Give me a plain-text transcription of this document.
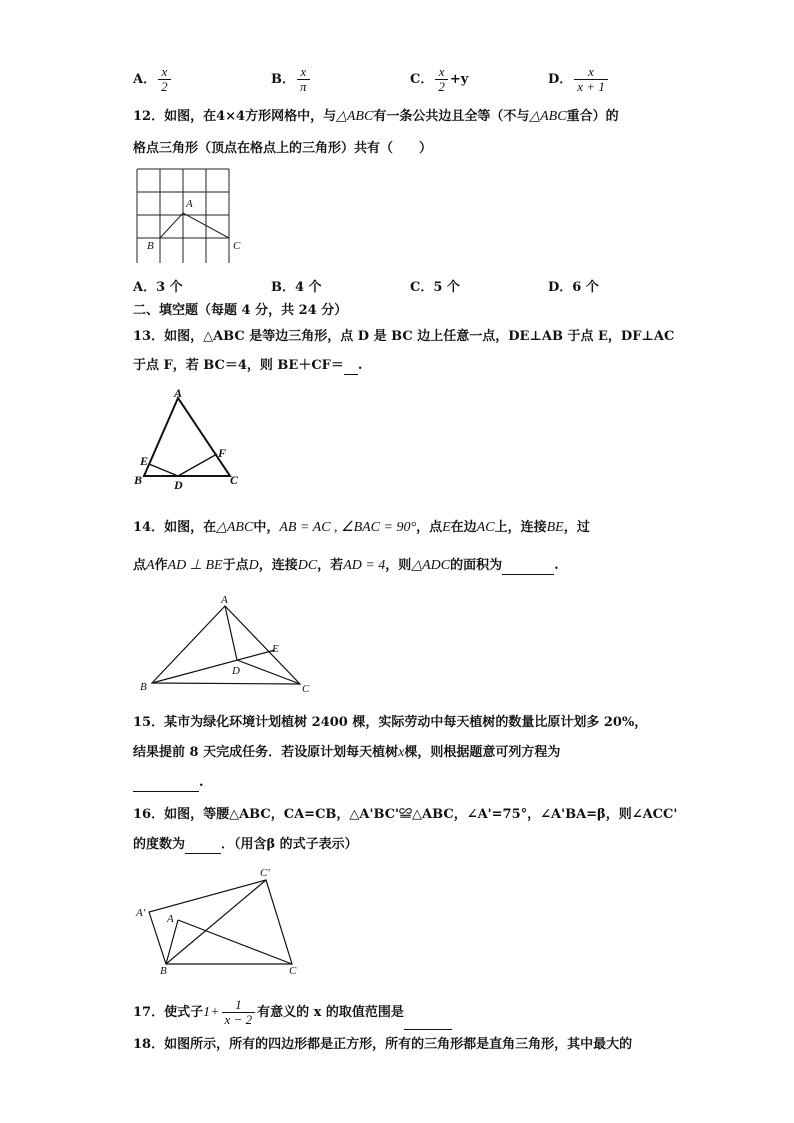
A． $\frac{x}{2}$	B． $\frac{x}{\pi}$	C． $\frac{x}{2} +y$	D． $\frac{x}{x + 1}$
12．如图，在4×4方形网格中，与△ABC有一条公共边且全等（不与△ABC重合）的
格点三角形（顶点在格点上的三角形）共有（　　）
A
B	C
A．3 个	B．4 个	C．5 个	D．6 个
二、填空题（每题 4 分，共 24 分）
13．如图，△ABC 是等边三角形，点 D 是 BC 边上任意一点，DE⊥AB 于点 E，DF⊥AC
于点 F，若 BC＝4，则 BE＋CF＝ .
A
E
F
B	D	C
14．如图，在△ABC中，AB = AC , ∠BAC = 90°，点E在边AC上，连接BE，过
点A作AD ⊥ BE于点D，连接DC，若AD = 4，则△ADC的面积为	.
A
E
D
B	C
15．某市为绿化环境计划植树 2400 棵，实际劳动中每天植树的数量比原计划多 20%，
结果提前 8 天完成任务．若设原计划每天植树x棵，则根据题意可列方程为
.
16．如图，等腰△ABC，CA=CB，△A'BC'≌△ABC，∠A'=75°，∠A'BA=β，则∠ACC'
的度数为	．（用含β 的式子表示）
C'
A' A
B	C
17．使式子$1+ \frac{1}{x - 2}$ 有意义的 x 的取值范围是
18．如图所示，所有的四边形都是正方形，所有的三角形都是直角三角形，其中最大的
